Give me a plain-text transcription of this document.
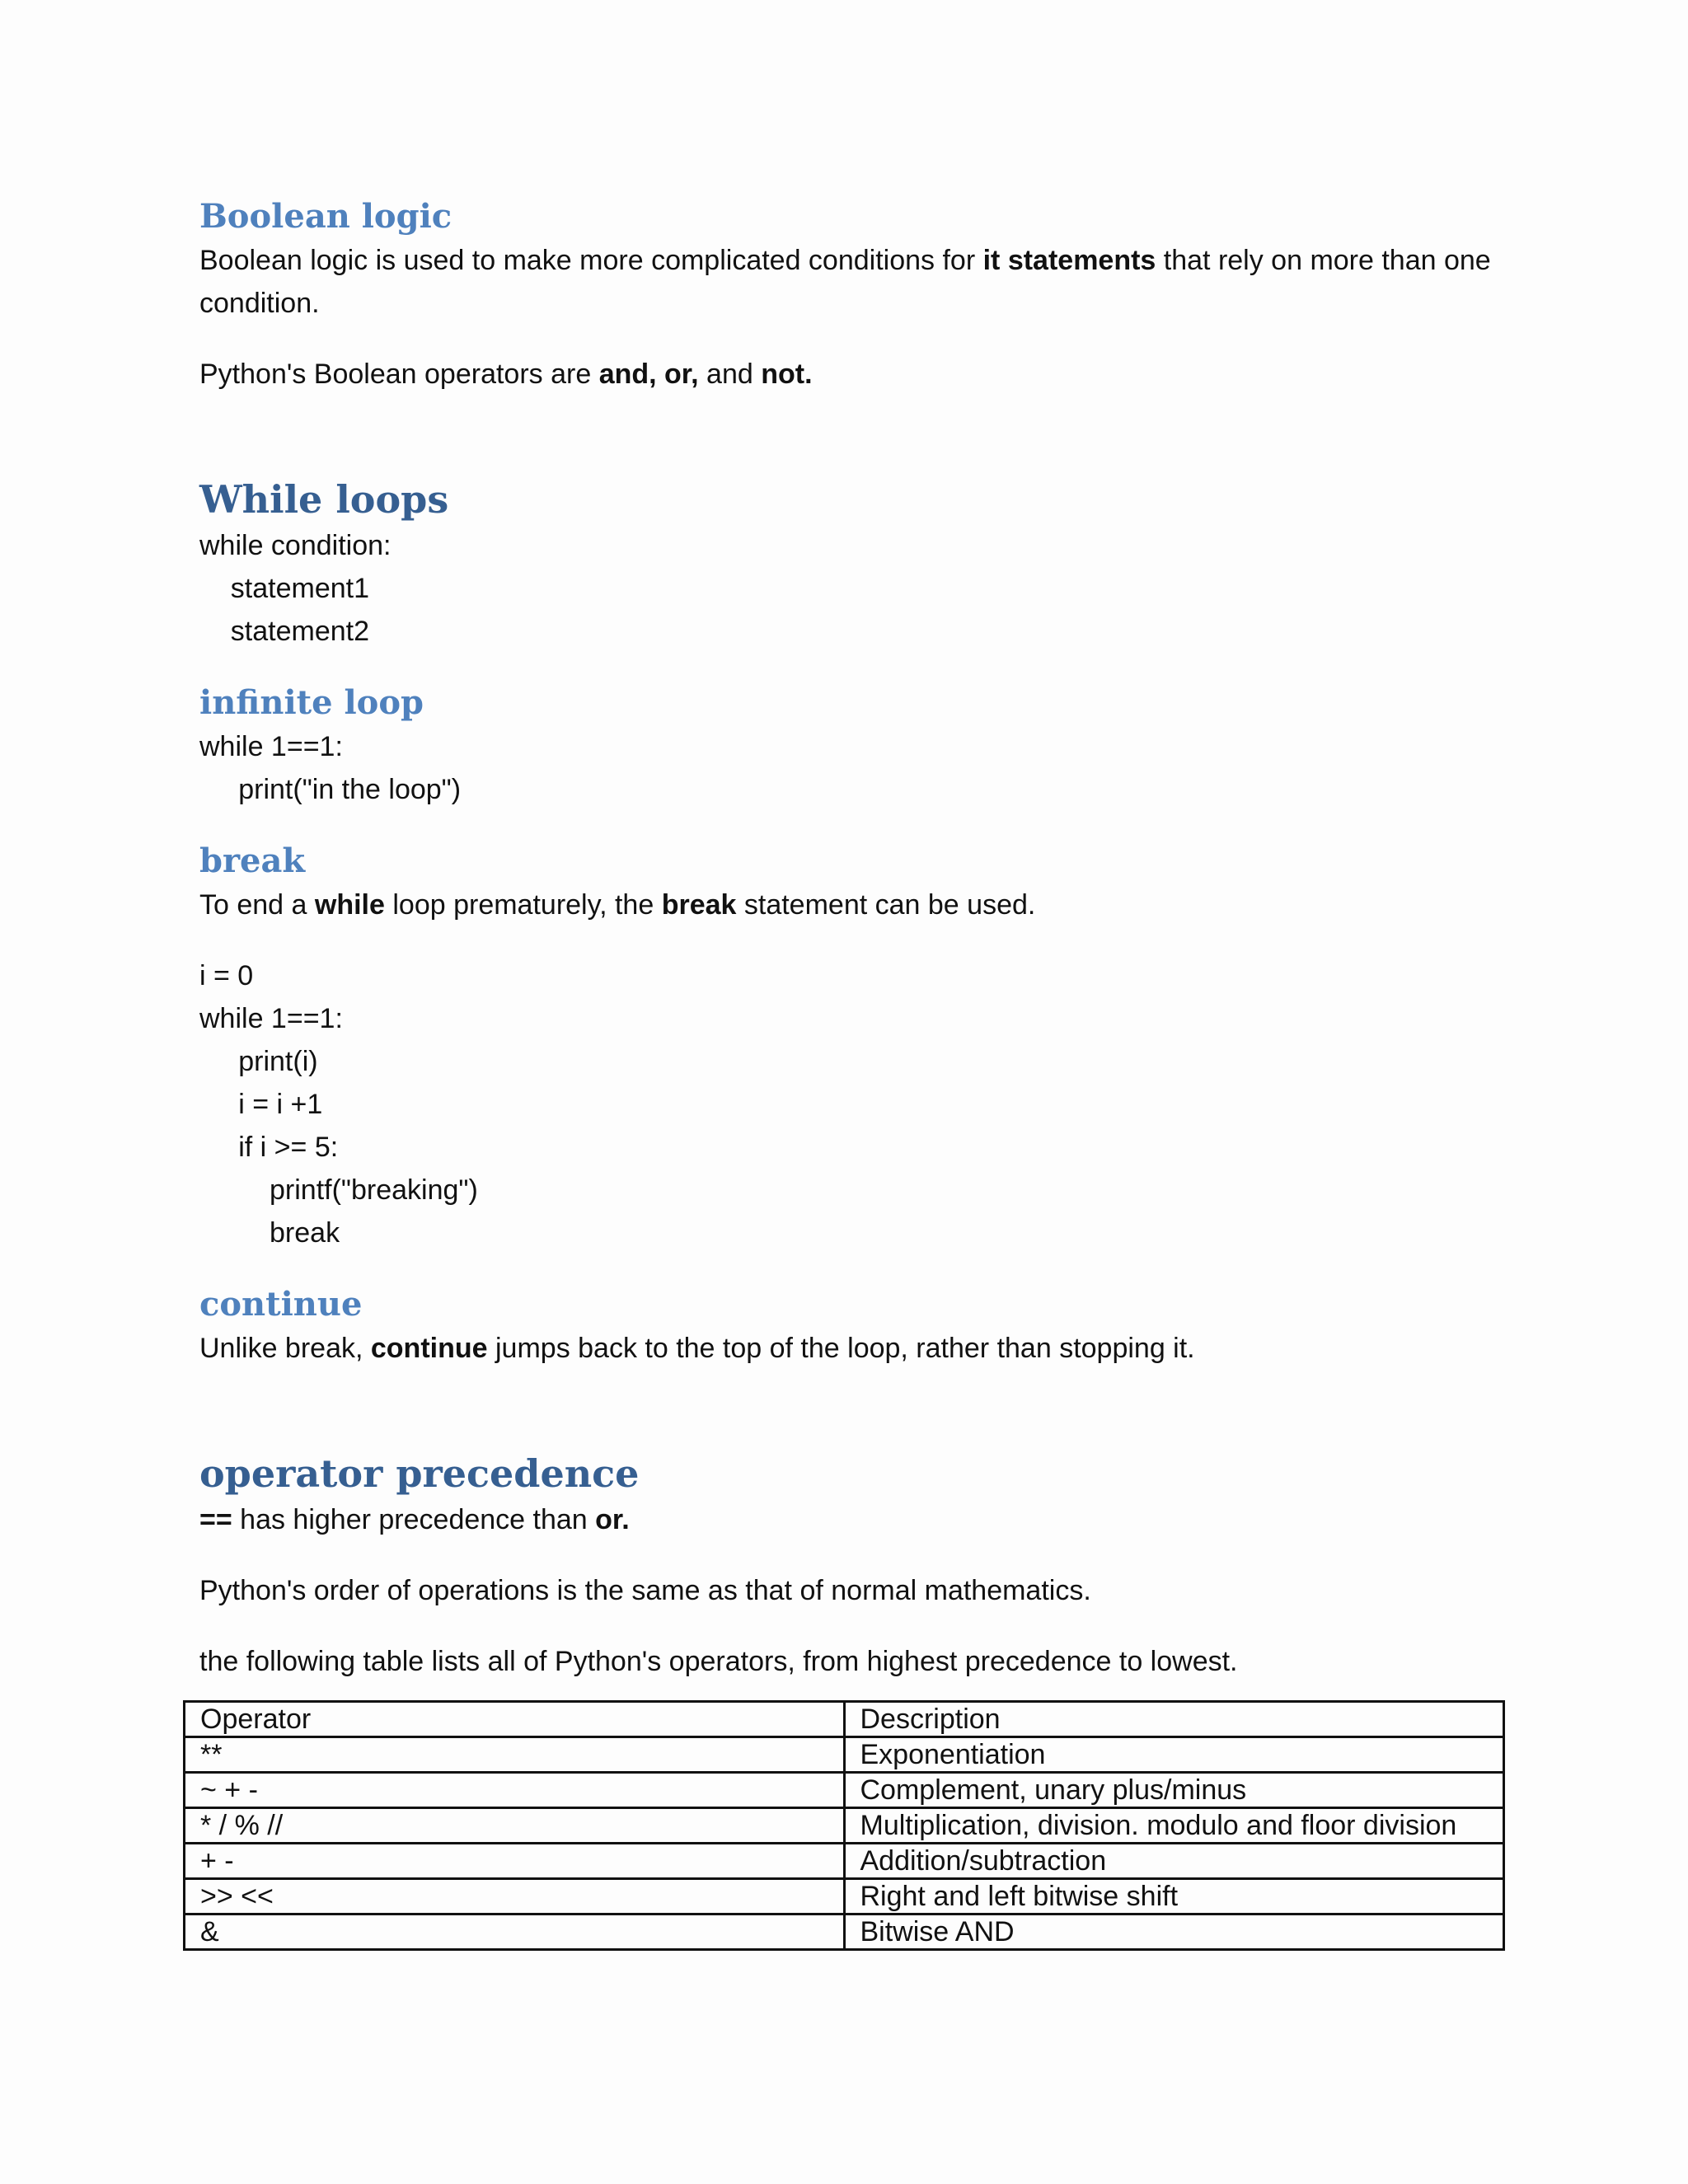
Boolean logic

Boolean logic is used to make more complicated conditions for it statements that rely on more than one condition.

Python's Boolean operators are and, or, and not.

While loops

while condition:

statement1

statement2

infinite loop

while 1==1:

print("in the loop")

break

To end a while loop prematurely, the break statement can be used.

i = 0

while 1==1:

print(i)

i = i +1

if i >= 5:

printf("breaking")

break

continue

Unlike break, continue jumps back to the top of the loop, rather than stopping it.

operator precedence

== has higher precedence than or.

Python's order of operations is the same as that of normal mathematics.

the following table lists all of Python's operators, from highest precedence to lowest.

Operator	Description
**	Exponentiation
~ + -	Complement, unary plus/minus
* / % //	Multiplication, division. modulo and floor division
+ -	Addition/subtraction
>> <<	Right and left bitwise shift
&	Bitwise AND
